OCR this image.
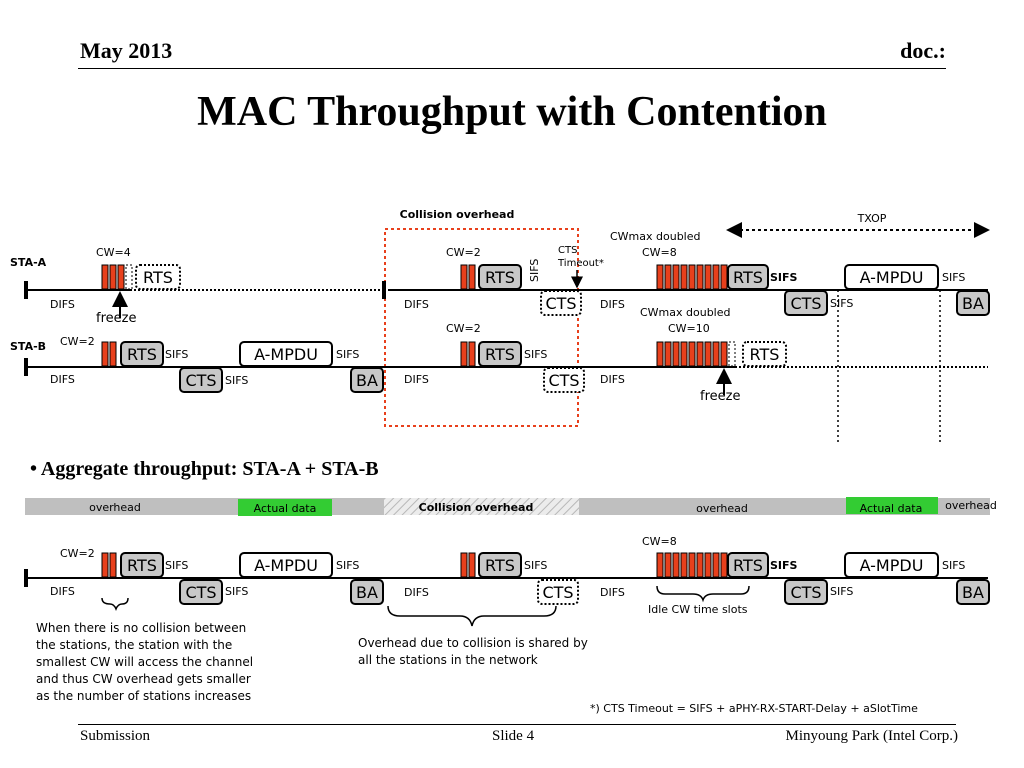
May 2013	doc.:
MAC Throughput with Contention
Collision overhead	TXOP
STA-A
DIFS
CW=4
RTS
freeze
DIFS
CW=2
RTS SIFS
CTS Timeout*
CTS DIFS
CWmax doubled
CW=8
RTS SIFS
CTS SIFS
A-MPDU SIFS
BA
STA-B CW=2
DIFS
RTS SIFS
CTS SIFS
A-MPDU SIFS
BA DIFS
CW=2
RTS SIFS
CTS DIFS
CWmax doubled
CW=10
RTS
freeze
overhead	Actual data	Collision overhead	overhead	Actual data overhead
CW=2
DIFS
RTS SIFS
CTS SIFS
A-MPDU SIFS
BA DIFS
RTS SIFS
CTS DIFS
CW=8
RTS SIFS
CTS SIFS
A-MPDU SIFS
BA
Idle CW time slots
When there is no collision between the stations, the station with the smallest CW will access the channel and thus CW overhead gets smaller as the number of stations increases
Overhead due to collision is shared by all the stations in the network
*) CTS Timeout = SIFS + aPHY-RX-START-Delay + aSlotTime
• Aggregate throughput: STA-A + STA-B
Submission	Slide 4	Minyoung Park (Intel Corp.)
